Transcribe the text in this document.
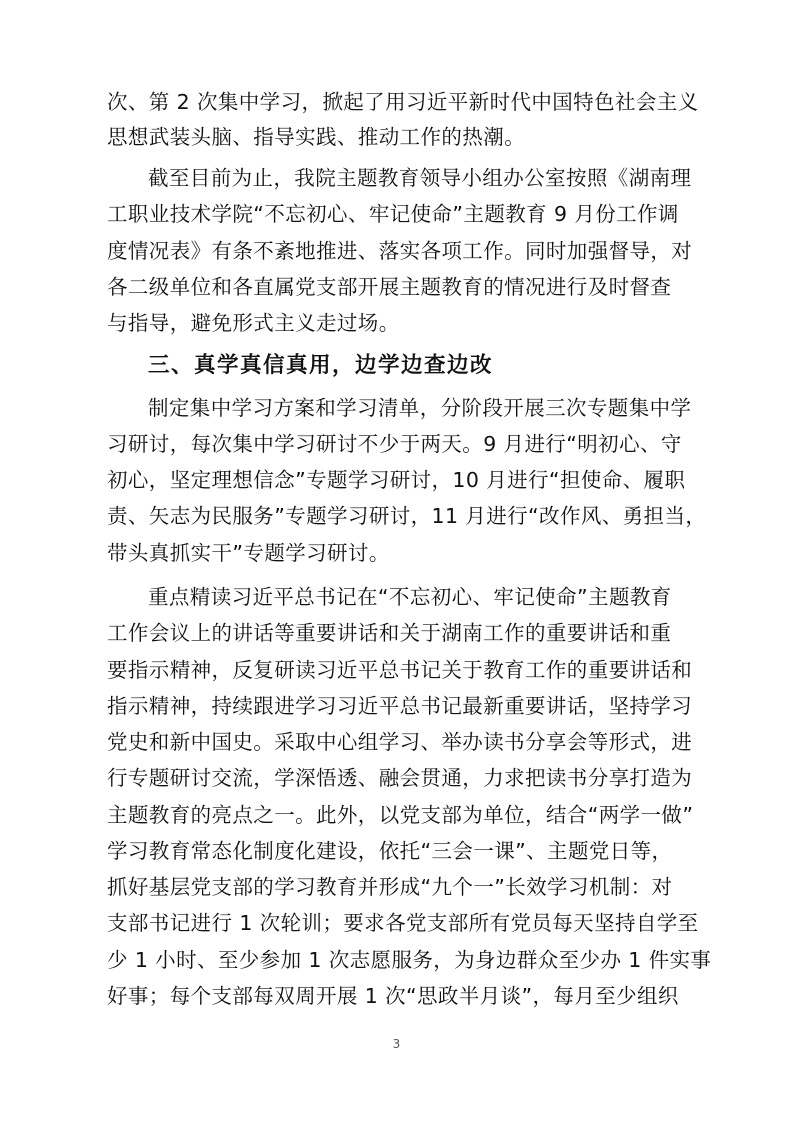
次、第 2 次集中学习，掀起了用习近平新时代中国特色社会主义
思想武装头脑、指导实践、推动工作的热潮。
截至目前为止，我院主题教育领导小组办公室按照《湖南理
工职业技术学院“不忘初心、牢记使命”主题教育 9 月份工作调
度情况表》有条不紊地推进、落实各项工作。同时加强督导，对
各二级单位和各直属党支部开展主题教育的情况进行及时督查
与指导，避免形式主义走过场。
三、真学真信真用，边学边查边改
制定集中学习方案和学习清单，分阶段开展三次专题集中学
习研讨，每次集中学习研讨不少于两天。9 月进行“明初心、守
初心，坚定理想信念”专题学习研讨，10 月进行“担使命、履职
责、矢志为民服务”专题学习研讨，11 月进行“改作风、勇担当，
带头真抓实干”专题学习研讨。
重点精读习近平总书记在“不忘初心、牢记使命”主题教育
工作会议上的讲话等重要讲话和关于湖南工作的重要讲话和重
要指示精神，反复研读习近平总书记关于教育工作的重要讲话和
指示精神，持续跟进学习习近平总书记最新重要讲话，坚持学习
党史和新中国史。采取中心组学习、举办读书分享会等形式，进
行专题研讨交流，学深悟透、融会贯通，力求把读书分享打造为
主题教育的亮点之一。此外，以党支部为单位，结合“两学一做”
学习教育常态化制度化建设，依托“三会一课”、主题党日等，
抓好基层党支部的学习教育并形成“九个一”长效学习机制：对
支部书记进行 1 次轮训；要求各党支部所有党员每天坚持自学至
少 1 小时、至少参加 1 次志愿服务，为身边群众至少办 1 件实事
好事；每个支部每双周开展 1 次“思政半月谈”，每月至少组织
3
